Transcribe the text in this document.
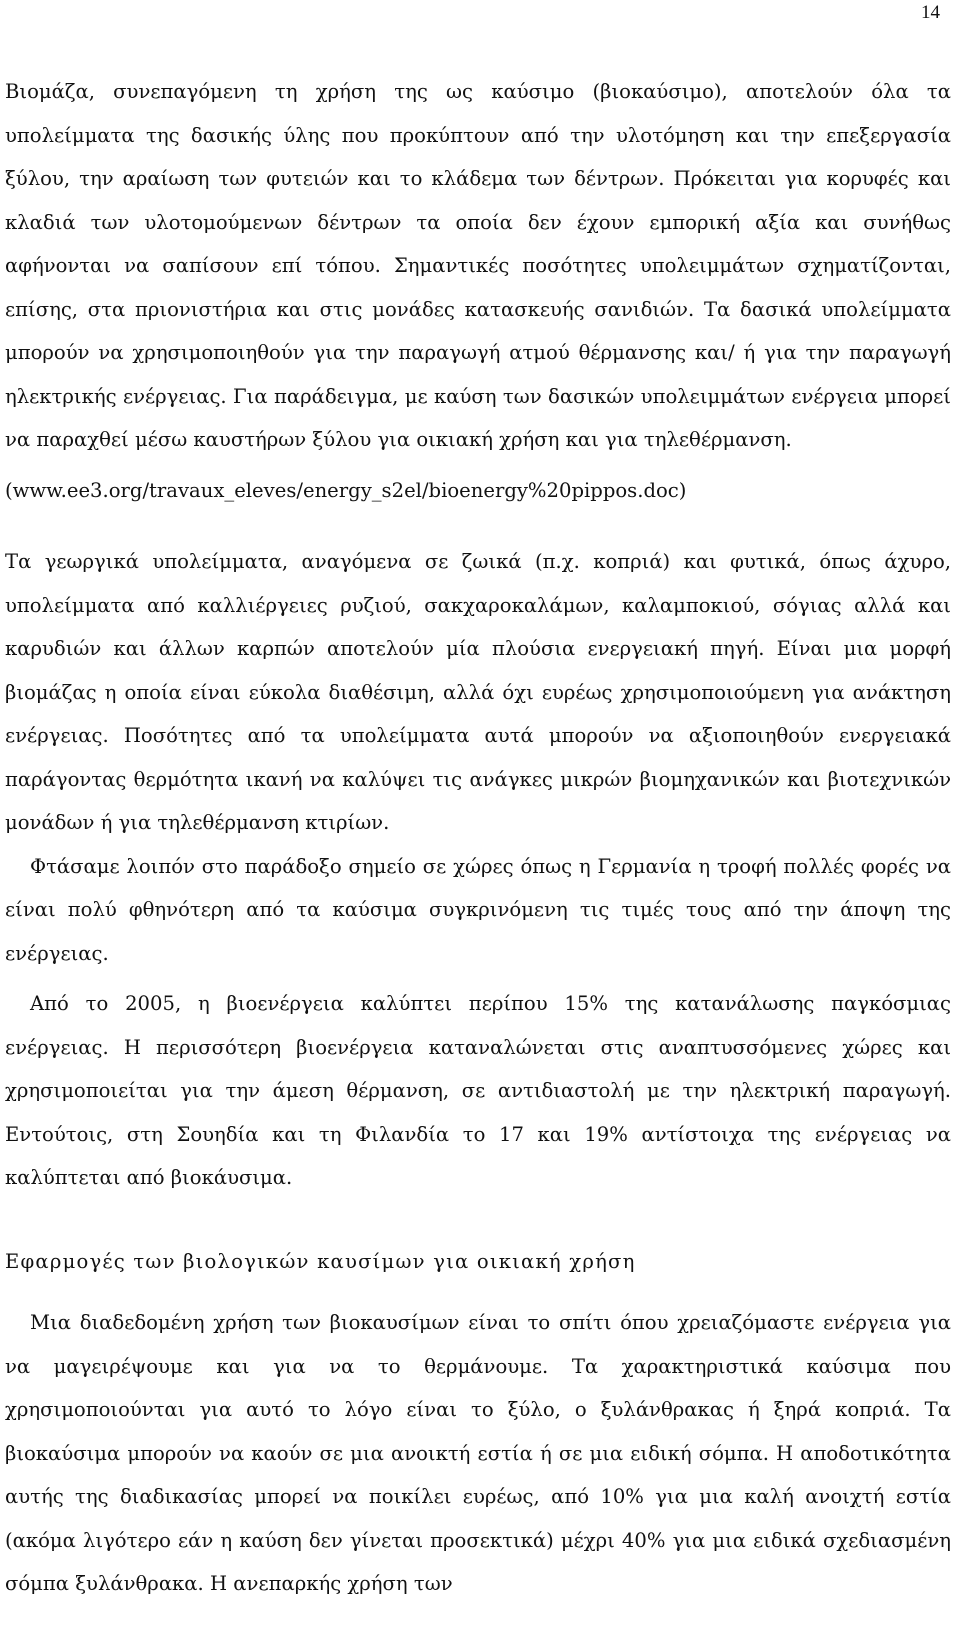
14

Βιομάζα, συνεπαγόμενη τη χρήση της ως καύσιμο (βιοκαύσιμο), αποτελούν όλα τα υπολείμματα της δασικής ύλης που προκύπτουν από την υλοτόμηση και την επεξεργασία ξύλου, την αραίωση των φυτειών και το κλάδεμα των δέντρων. Πρόκειται για κορυφές και κλαδιά των υλοτομούμενων δέντρων τα οποία δεν έχουν εμπορική αξία και συνήθως αφήνονται να σαπίσουν επί τόπου. Σημαντικές ποσότητες υπολειμμάτων σχηματίζονται, επίσης, στα πριονιστήρια και στις μονάδες κατασκευής σανιδιών. Τα δασικά υπολείμματα μπορούν να χρησιμοποιηθούν για την παραγωγή ατμού θέρμανσης και/ ή για την παραγωγή ηλεκτρικής ενέργειας. Για παράδειγμα, με καύση των δασικών υπολειμμάτων ενέργεια μπορεί να παραχθεί μέσω καυστήρων ξύλου για οικιακή χρήση και για τηλεθέρμανση.

(www.ee3.org/travaux_eleves/energy_s2el/bioenergy%20pippos.doc)

Τα γεωργικά υπολείμματα, αναγόμενα σε ζωικά (π.χ. κοπριά) και φυτικά, όπως άχυρο, υπολείμματα από καλλιέργειες ρυζιού, σακχαροκαλάμων, καλαμποκιού, σόγιας αλλά και καρυδιών και άλλων καρπών αποτελούν μία πλούσια ενεργειακή πηγή. Είναι μια μορφή βιομάζας η οποία είναι εύκολα διαθέσιμη, αλλά όχι ευρέως χρησιμοποιούμενη για ανάκτηση ενέργειας. Ποσότητες από τα υπολείμματα αυτά μπορούν να αξιοποιηθούν ενεργειακά παράγοντας θερμότητα ικανή να καλύψει τις ανάγκες μικρών βιομηχανικών και βιοτεχνικών μονάδων ή για τηλεθέρμανση κτιρίων.

Φτάσαμε λοιπόν στο παράδοξο σημείο σε χώρες όπως η Γερμανία η τροφή πολλές φορές να είναι πολύ φθηνότερη από τα καύσιμα συγκρινόμενη τις τιμές τους από την άποψη της ενέργειας.

Από το 2005, η βιοενέργεια καλύπτει περίπου 15% της κατανάλωσης παγκόσμιας ενέργειας. Η περισσότερη βιοενέργεια καταναλώνεται στις αναπτυσσόμενες χώρες και χρησιμοποιείται για την άμεση θέρμανση, σε αντιδιαστολή με την ηλεκτρική παραγωγή. Εντούτοις, στη Σουηδία και τη Φιλανδία το 17 και 19% αντίστοιχα της ενέργειας να καλύπτεται από βιοκάυσιμα.

Εφαρμογές των βιολογικών καυσίμων για οικιακή χρήση

Μια διαδεδομένη χρήση των βιοκαυσίμων είναι το σπίτι όπου χρειαζόμαστε ενέργεια για να μαγειρέψουμε και για να το θερμάνουμε. Τα χαρακτηριστικά καύσιμα που χρησιμοποιούνται για αυτό το λόγο είναι το ξύλο, ο ξυλάνθρακας ή ξηρά κοπριά. Τα βιοκαύσιμα μπορούν να καούν σε μια ανοικτή εστία ή σε μια ειδική σόμπα. Η αποδοτικότητα αυτής της διαδικασίας μπορεί να ποικίλει ευρέως, από 10% για μια καλή ανοιχτή εστία (ακόμα λιγότερο εάν η καύση δεν γίνεται προσεκτικά) μέχρι 40% για μια ειδικά σχεδιασμένη σόμπα ξυλάνθρακα. Η ανεπαρκής χρήση των
